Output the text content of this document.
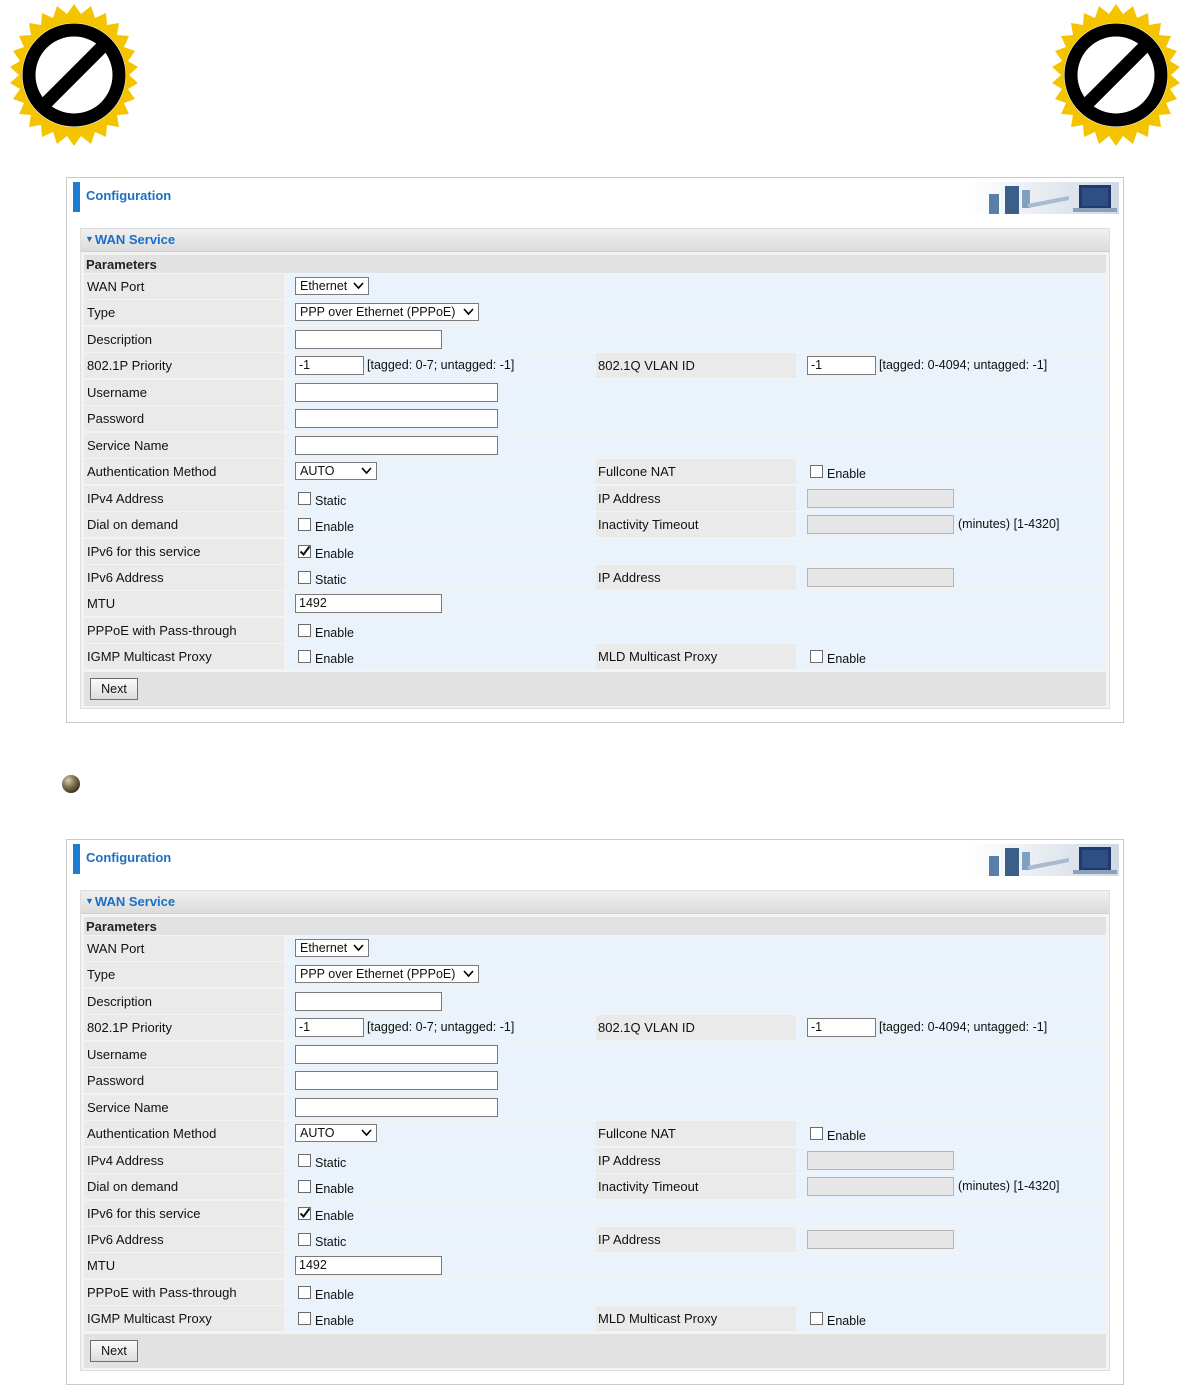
Configuration
▼WAN Service
Parameters
WAN Port	Ethernet
Type	PPP over Ethernet (PPPoE)
Description
802.1P Priority	-1	[tagged: 0-7; untagged: -1]	802.1Q VLAN ID	-1	[tagged: 0-4094; untagged: -1]
Username
Password
Service Name
Authentication Method	AUTO	Fullcone NAT	Enable
IPv4 Address	Static	IP Address
Dial on demand	Enable	Inactivity Timeout	(minutes) [1-4320]
IPv6 for this service	Enable
IPv6 Address	Static	IP Address
MTU	1492
PPPoE with Pass-through	Enable
IGMP Multicast Proxy	Enable	MLD Multicast Proxy	Enable
Next
Configuration
▼WAN Service
Parameters
WAN Port	Ethernet
Type	PPP over Ethernet (PPPoE)
Description
802.1P Priority	-1	[tagged: 0-7; untagged: -1]	802.1Q VLAN ID	-1	[tagged: 0-4094; untagged: -1]
Username
Password
Service Name
Authentication Method	AUTO	Fullcone NAT	Enable
IPv4 Address	Static	IP Address
Dial on demand	Enable	Inactivity Timeout	(minutes) [1-4320]
IPv6 for this service	Enable
IPv6 Address	Static	IP Address
MTU	1492
PPPoE with Pass-through	Enable
IGMP Multicast Proxy	Enable	MLD Multicast Proxy	Enable
Next
